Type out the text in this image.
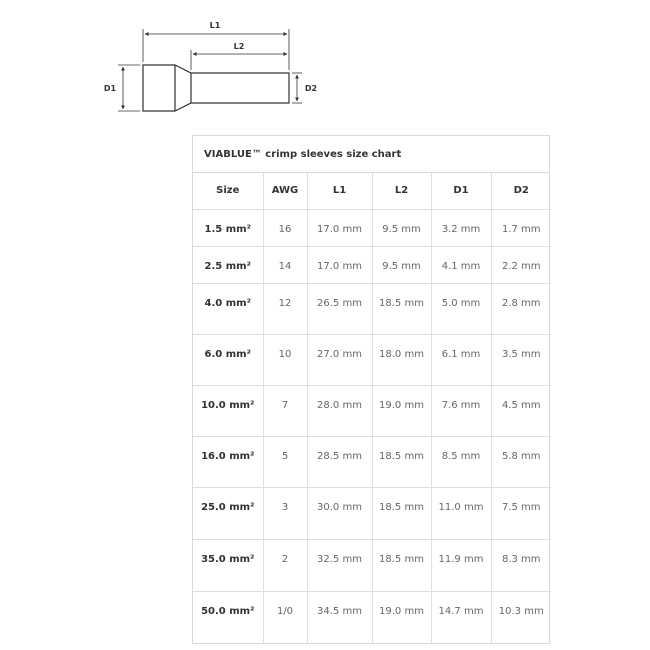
L1
L2
D1	D2
VIABLUE™ crimp sleeves size chart
Size	AWG	L1	L2	D1	D2
1.5 mm²	16	17.0 mm	9.5 mm	3.2 mm	1.7 mm
2.5 mm²	14	17.0 mm	9.5 mm	4.1 mm	2.2 mm
4.0 mm²	12	26.5 mm	18.5 mm	5.0 mm	2.8 mm
6.0 mm²	10	27.0 mm	18.0 mm	6.1 mm	3.5 mm
10.0 mm²	7	28.0 mm	19.0 mm	7.6 mm	4.5 mm
16.0 mm²	5	28.5 mm	18.5 mm	8.5 mm	5.8 mm
25.0 mm²	3	30.0 mm	18.5 mm	11.0 mm	7.5 mm
35.0 mm²	2	32.5 mm	18.5 mm	11.9 mm	8.3 mm
50.0 mm²	1/0	34.5 mm	19.0 mm	14.7 mm	10.3 mm
